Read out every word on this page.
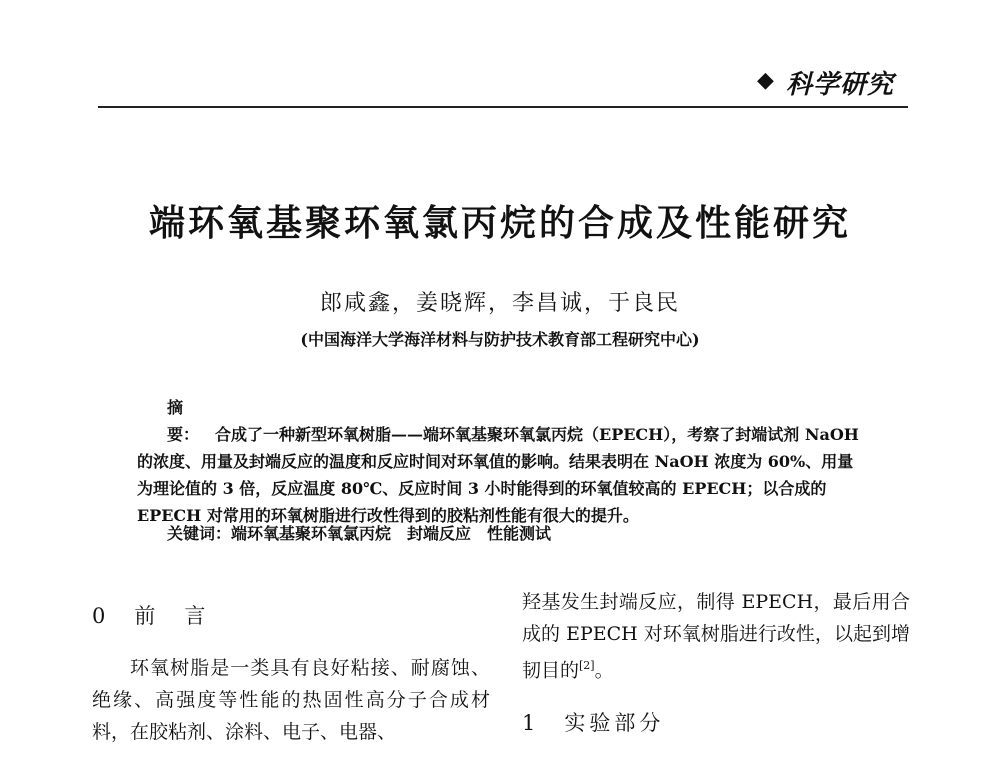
◆ 科学研究
端环氧基聚环氧氯丙烷的合成及性能研究
郎咸鑫，姜晓辉，李昌诚，于良民
(中国海洋大学海洋材料与防护技术教育部工程研究中心)
摘　要： 合成了一种新型环氧树脂——端环氧基聚环氧氯丙烷（EPECH），考察了封端试剂 NaOH 的浓度、用量及封端反应的温度和反应时间对环氧值的影响。结果表明在 NaOH 浓度为 60%、用量为理论值的 3 倍，反应温度 80℃、反应时间 3 小时能得到的环氧值较高的 EPECH；以合成的 EPECH 对常用的环氧树脂进行改性得到的胶粘剂性能有很大的提升。
关键词：端环氧基聚环氧氯丙烷　封端反应　性能测试
0　前　言
环氧树脂是一类具有良好粘接、耐腐蚀、绝缘、高强度等性能的热固性高分子合成材料，在胶粘剂、涂料、电子、电器、
羟基发生封端反应，制得 EPECH，最后用合成的 EPECH 对环氧树脂进行改性，以起到增韧目的[2]。
1　实验部分
